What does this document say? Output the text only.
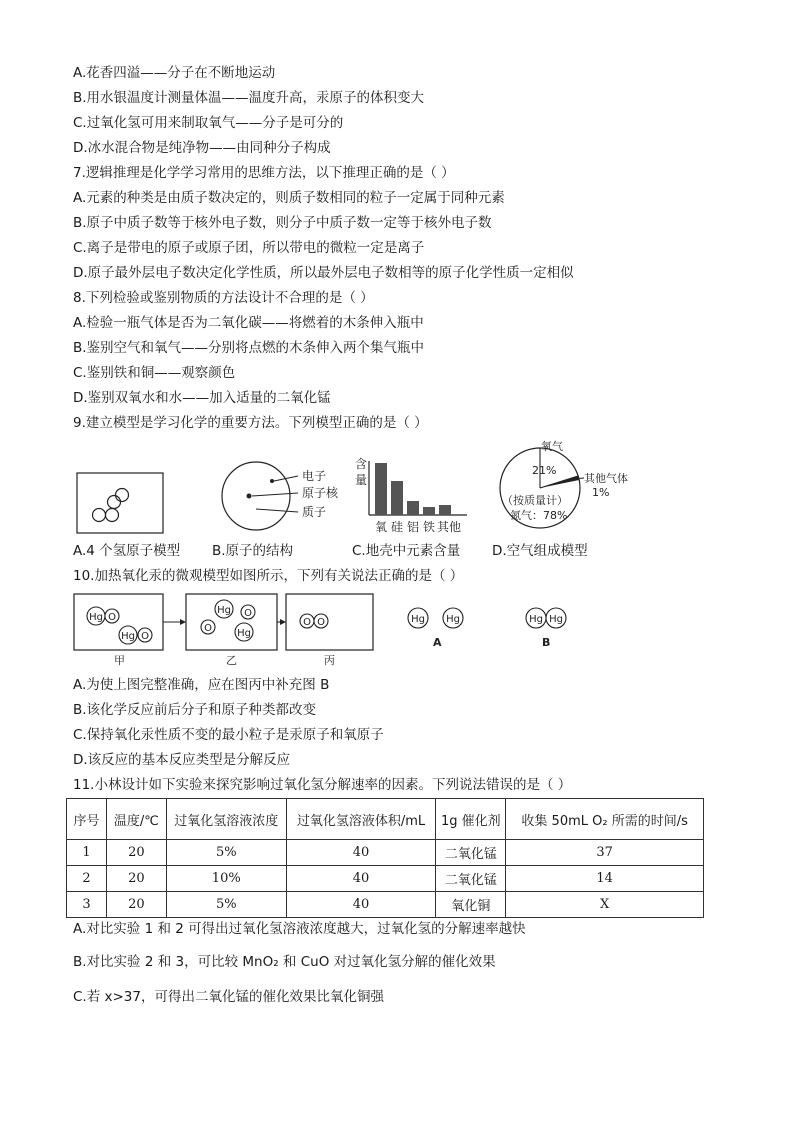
A.花香四溢——分子在不断地运动
B.用水银温度计测量体温——温度升高，汞原子的体积变大
C.过氧化氢可用来制取氧气——分子是可分的
D.冰水混合物是纯净物——由同种分子构成
7.逻辑推理是化学学习常用的思维方法，以下推理正确的是（ ）
A.元素的种类是由质子数决定的，则质子数相同的粒子一定属于同种元素
B.原子中质子数等于核外电子数，则分子中质子数一定等于核外电子数
C.离子是带电的原子或原子团，所以带电的微粒一定是离子
D.原子最外层电子数决定化学性质，所以最外层电子数相等的原子化学性质一定相似
8.下列检验或鉴别物质的方法设计不合理的是（ ）
A.检验一瓶气体是否为二氧化碳——将燃着的木条伸入瓶中
B.鉴别空气和氧气——分别将点燃的木条伸入两个集气瓶中
C.鉴别铁和铜——观察颜色
D.鉴别双氧水和水——加入适量的二氧化锰
9.建立模型是学习化学的重要方法。下列模型正确的是（ ）
电子
原子核
质子
含
量
氧 硅 铝 铁 其他
氧气
21%
其他气体
1%
（按质量计）
氮气：78%
A.4 个氢原子模型 B.原子的结构	C.地壳中元素含量 D.空气组成模型
10.加热氧化汞的微观模型如图所示，下列有关说法正确的是（ ）
Hg O
Hg O
甲
Hg O
O	Hg
乙
O O
丙
Hg Hg
A
Hg Hg
B
A.为使上图完整准确，应在图丙中补充图 B
B.该化学反应前后分子和原子种类都改变
C.保持氧化汞性质不变的最小粒子是汞原子和氧原子
D.该反应的基本反应类型是分解反应
11.小林设计如下实验来探究影响过氧化氢分解速率的因素。下列说法错误的是（ ）
序号	温度/℃	过氧化氢溶液浓度	过氧化氢溶液体积/mL	1g 催化剂	收集 50mL O₂ 所需的时间/s
1	20	5%	40	二氧化锰	37
2	20	10%	40	二氧化锰	14
3	20	5%	40	氧化铜	X
A.对比实验 1 和 2 可得出过氧化氢溶液浓度越大，过氧化氢的分解速率越快
B.对比实验 2 和 3，可比较 MnO₂ 和 CuO 对过氧化氢分解的催化效果
C.若 x>37，可得出二氧化锰的催化效果比氧化铜强
